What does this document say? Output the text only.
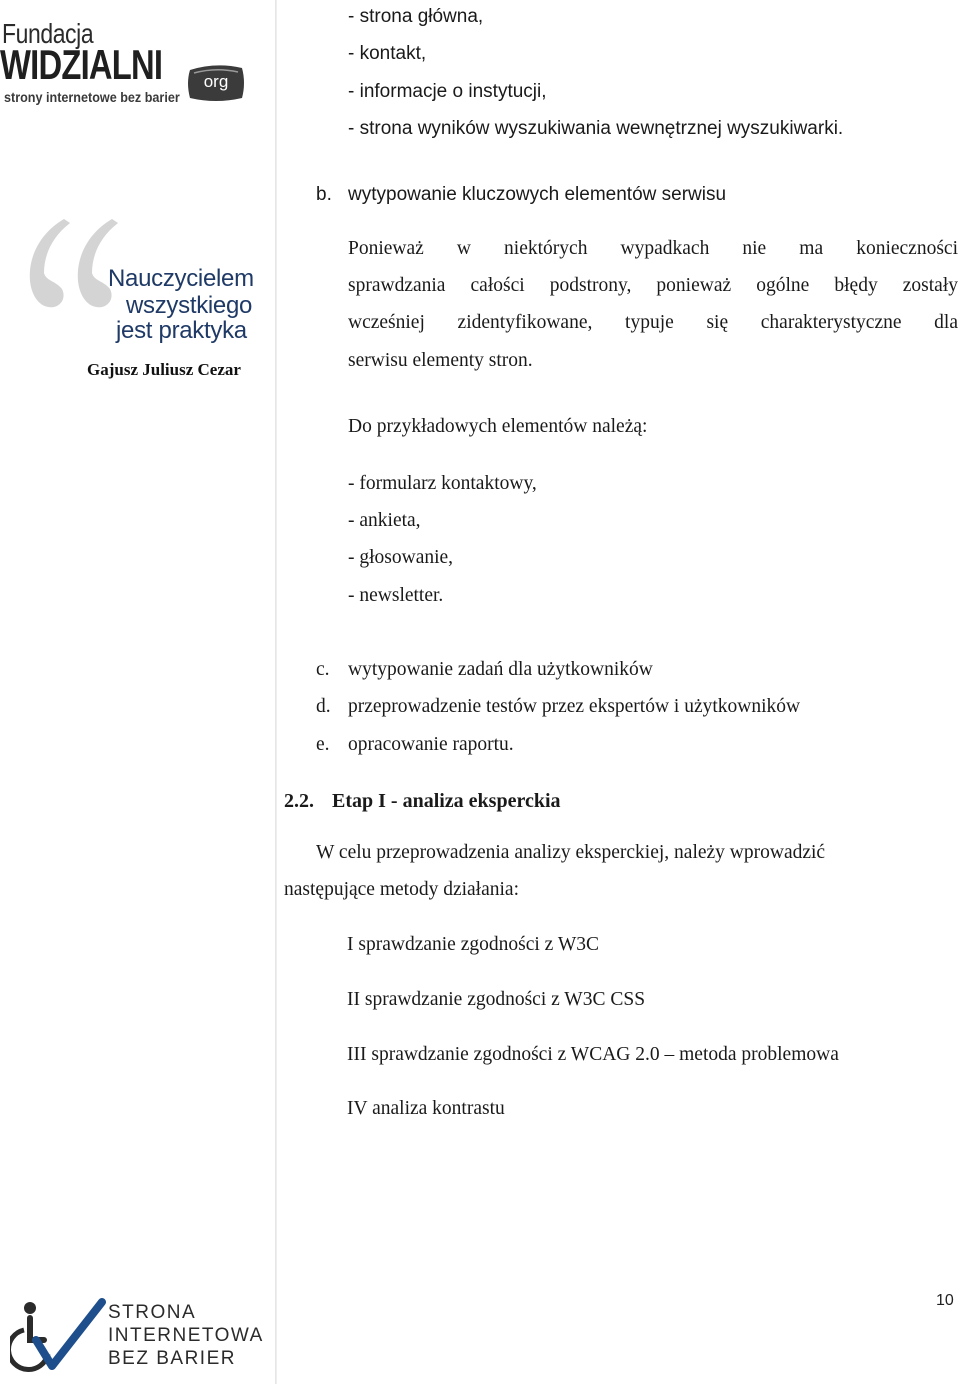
Fundacja
WIDZIALNI	org
strony internetowe bez barier
Nauczycielem
wszystkiego
jest praktyka
Gajusz Juliusz Cezar
STRONA
INTERNETOWA
BEZ BARIER
- strona główna,
- kontakt,
- informacje o instytucji,
- strona wyników wyszukiwania wewnętrznej wyszukiwarki.
b. wytypowanie kluczowych elementów serwisu
Ponieważ w niektórych wypadkach nie ma konieczności
sprawdzania całości podstrony, ponieważ ogólne błędy zostały
wcześniej zidentyfikowane, typuje się charakterystyczne dla
serwisu elementy stron.
Do przykładowych elementów należą:
- formularz kontaktowy,
- ankieta,
- głosowanie,
- newsletter.
c. wytypowanie zadań dla użytkowników
d. przeprowadzenie testów przez ekspertów i użytkowników
e. opracowanie raportu.
2.2. Etap I - analiza eksperckia
W celu przeprowadzenia analizy eksperckiej, należy wprowadzić
następujące metody działania:
I sprawdzanie zgodności z W3C
II sprawdzanie zgodności z W3C CSS
III sprawdzanie zgodności z WCAG 2.0 – metoda problemowa
IV analiza kontrastu
10
